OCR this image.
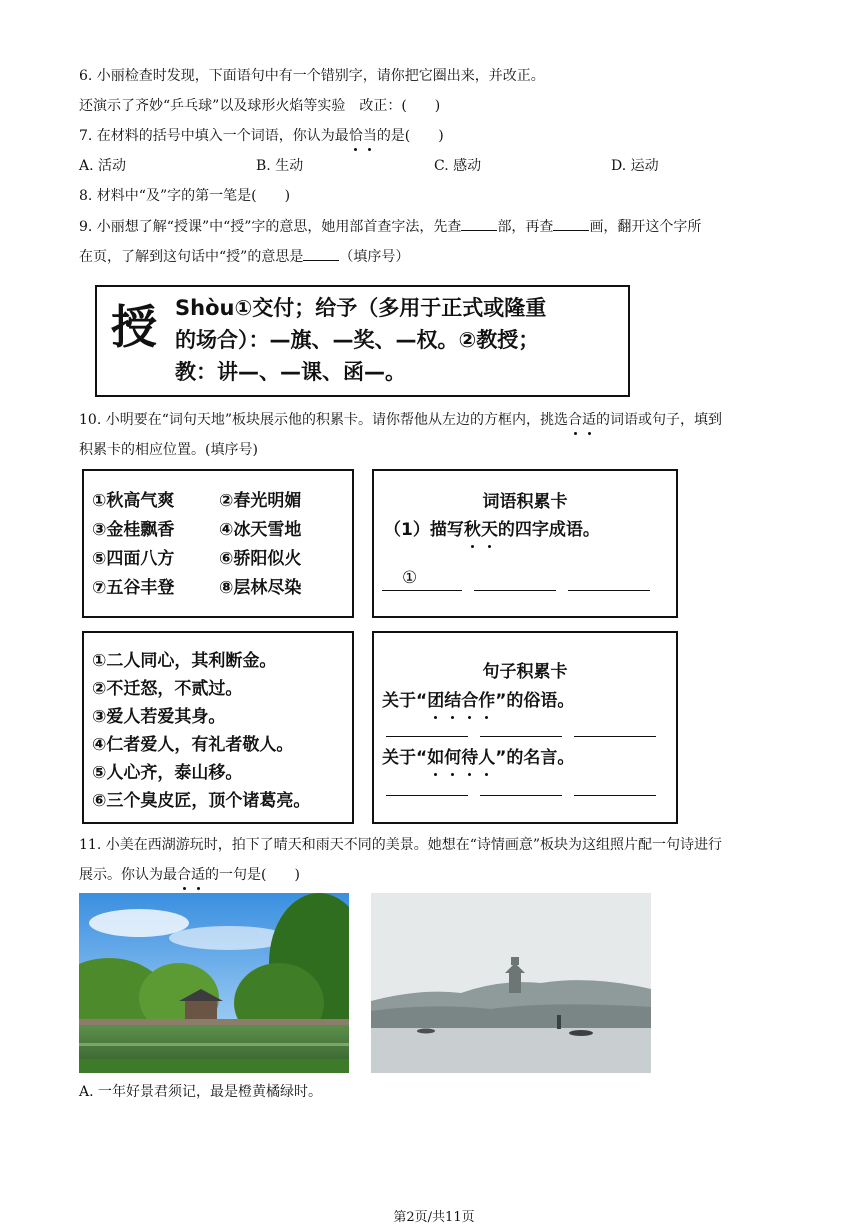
6. 小丽检查时发现，下面语句中有一个错别字，请你把它圈出来，并改正。
还演示了齐妙“乒乓球”以及球形火焰等实验　改正：(　　)
7. 在材料的括号中填入一个词语，你认为最恰当的是(　　)
A. 活动	B. 生动	C. 感动	D. 运动
8. 材料中“及”字的第一笔是(　　)
9. 小丽想了解“授课”中“授”字的意思，她用部首查字法，先查	部，再查	画，翻开这个字所
在页，了解到这句话中“授”的意思是	（填序号）
授 Shòu①交付；给予（多用于正式或隆重
的场合）：—旗、—奖、—权。②教授；
教：讲—、—课、函—。
10. 小明要在“词句天地”板块展示他的积累卡。请你帮他从左边的方框内，挑选合适的词语或句子，填到
积累卡的相应位置。(填序号)
①秋高气爽	②春光明媚
③金桂飘香	④冰天雪地
⑤四面八方	⑥骄阳似火
⑦五谷丰登	⑧层林尽染
词语积累卡
（1）描写秋天的四字成语。
①
①二人同心，其利断金。
②不迁怒，不贰过。
③爱人若爱其身。
④仁者爱人，有礼者敬人。
⑤人心齐，泰山移。
⑥三个臭皮匠，顶个诸葛亮。
句子积累卡
关于“团结合作”的俗语。
关于“如何待人”的名言。
11. 小美在西湖游玩时，拍下了晴天和雨天不同的美景。她想在“诗情画意”板块为这组照片配一句诗进行
展示。你认为最合适的一句是(　　)
A. 一年好景君须记，最是橙黄橘绿时。
第2页/共11页
